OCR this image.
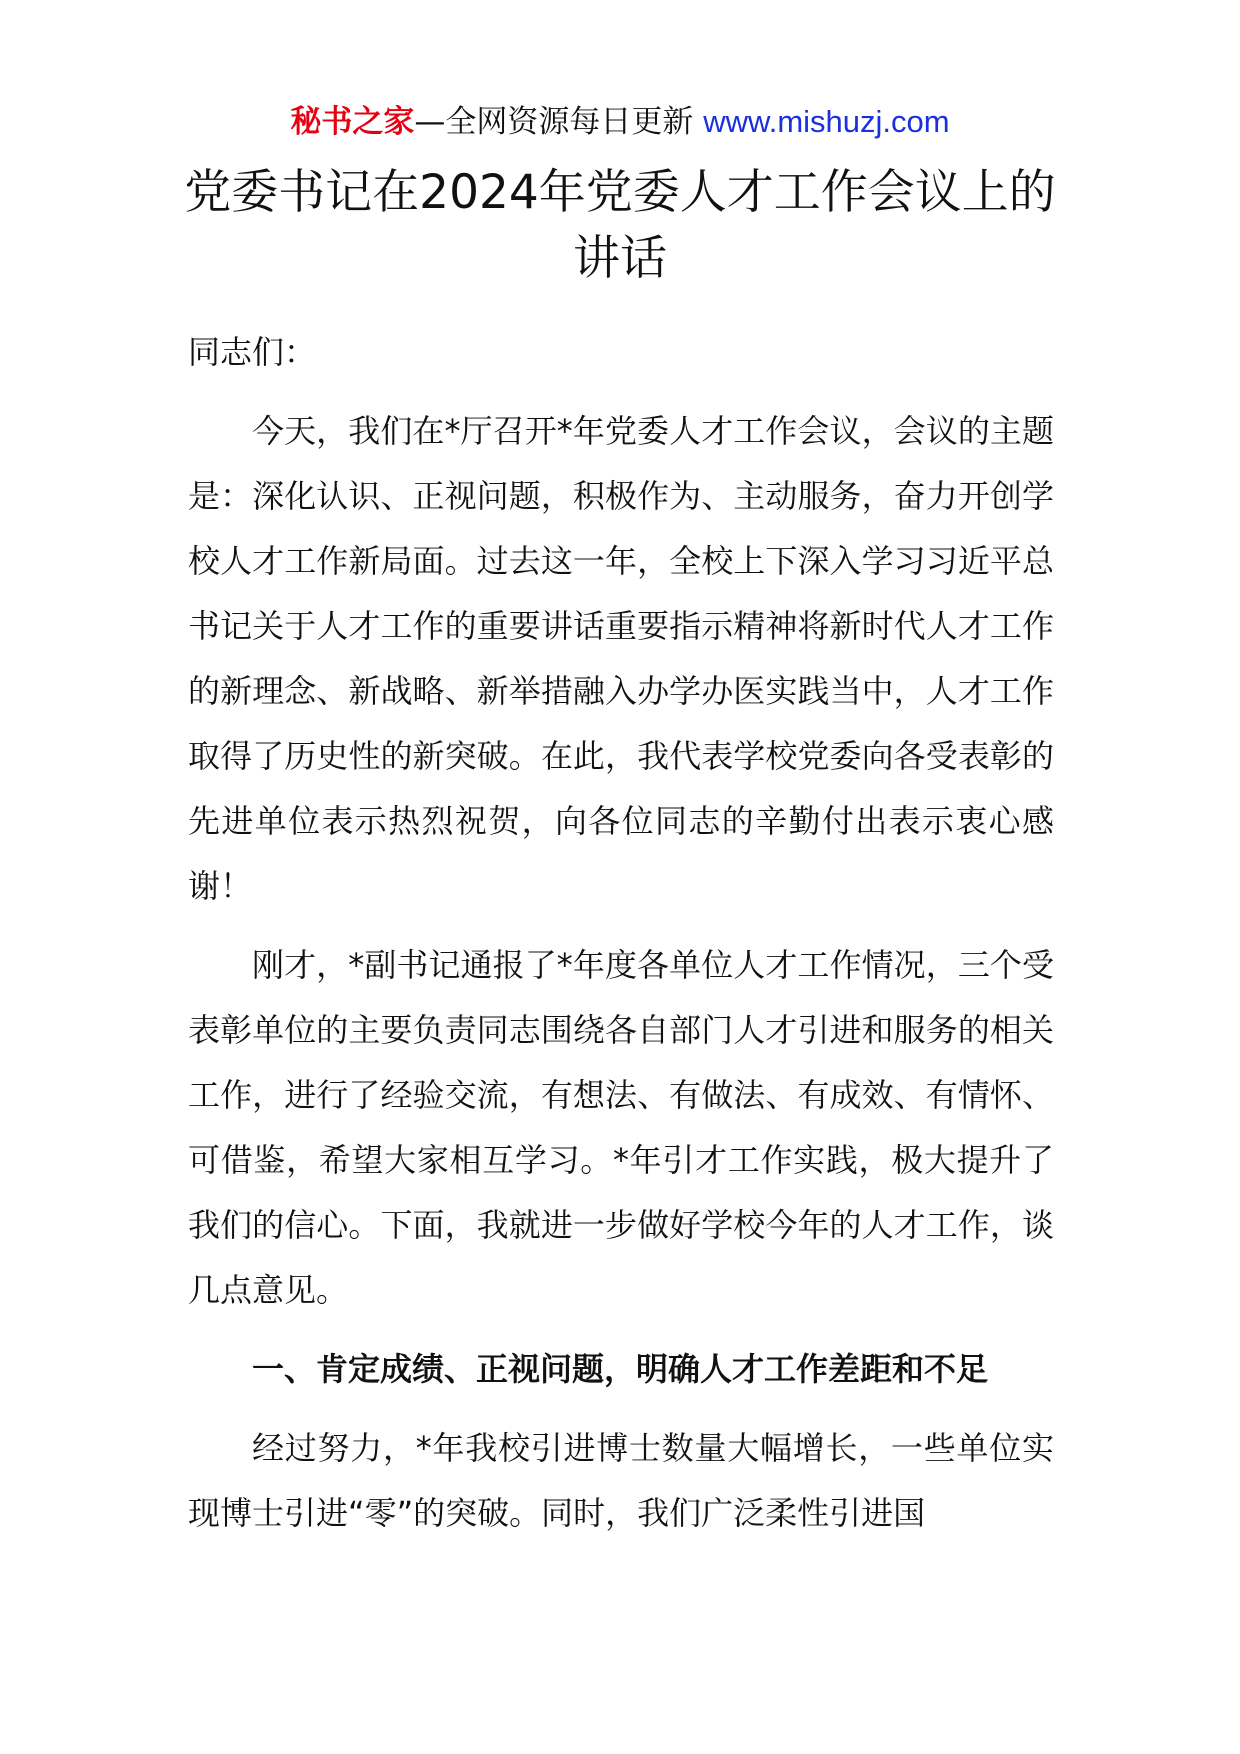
秘书之家—全网资源每日更新 www.mishuzj.com
党委书记在2024年党委人才工作会议上的
讲话

同志们：

今天，我们在*厅召开*年党委人才工作会议，会议的主题是：深化认识、正视问题，积极作为、主动服务，奋力开创学校人才工作新局面。过去这一年，全校上下深入学习习近平总书记关于人才工作的重要讲话重要指示精神将新时代人才工作的新理念、新战略、新举措融入办学办医实践当中，人才工作取得了历史性的新突破。在此，我代表学校党委向各受表彰的先进单位表示热烈祝贺，向各位同志的辛勤付出表示衷心感谢！

刚才，*副书记通报了*年度各单位人才工作情况，三个受表彰单位的主要负责同志围绕各自部门人才引进和服务的相关工作，进行了经验交流，有想法、有做法、有成效、有情怀、可借鉴，希望大家相互学习。*年引才工作实践，极大提升了我们的信心。下面，我就进一步做好学校今年的人才工作，谈几点意见。

一、肯定成绩、正视问题，明确人才工作差距和不足

经过努力，*年我校引进博士数量大幅增长，一些单位实现博士引进“零”的突破。同时，我们广泛柔性引进国
